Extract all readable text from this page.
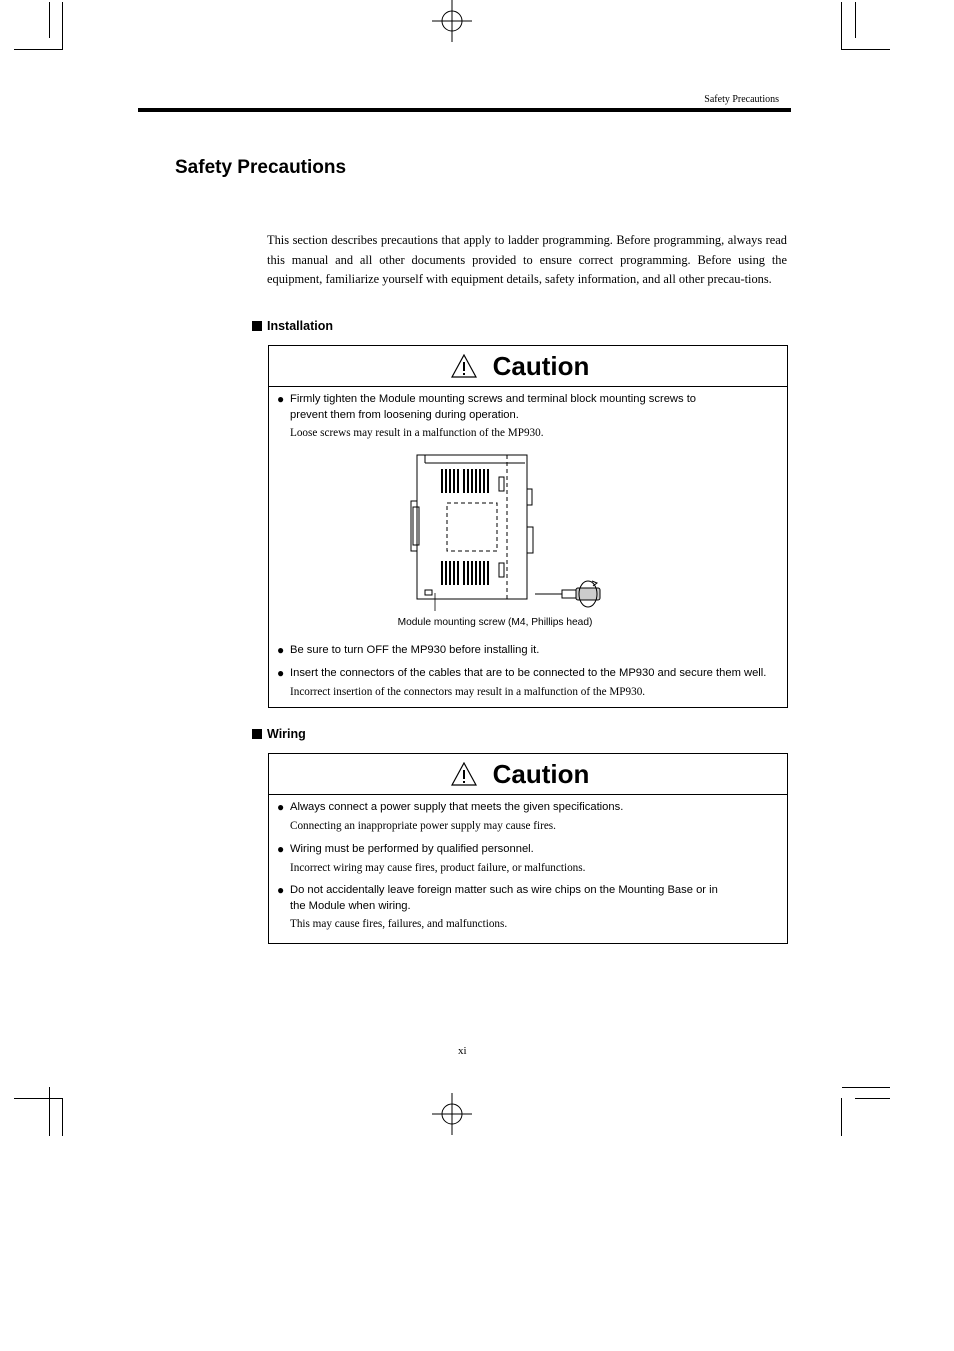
Safety Precautions
Safety Precautions

This section describes precautions that apply to ladder programming. Before programming, always read this manual and all other documents provided to ensure correct programming. Before using the equipment, familiarize yourself with equipment details, safety information, and all other precau-tions.

Installation
Caution
● Firmly tighten the Module mounting screws and terminal block mounting screws to prevent them from loosening during operation.
Loose screws may result in a malfunction of the MP930.
Module mounting screw (M4, Phillips head)
● Be sure to turn OFF the MP930 before installing it.
● Insert the connectors of the cables that are to be connected to the MP930 and secure them well.
Incorrect insertion of the connectors may result in a malfunction of the MP930.
Wiring
Caution
● Always connect a power supply that meets the given specifications.
Connecting an inappropriate power supply may cause fires.
● Wiring must be performed by qualified personnel.
Incorrect wiring may cause fires, product failure, or malfunctions.
● Do not accidentally leave foreign matter such as wire chips on the Mounting Base or in the Module when wiring.
This may cause fires, failures, and malfunctions.
xi
